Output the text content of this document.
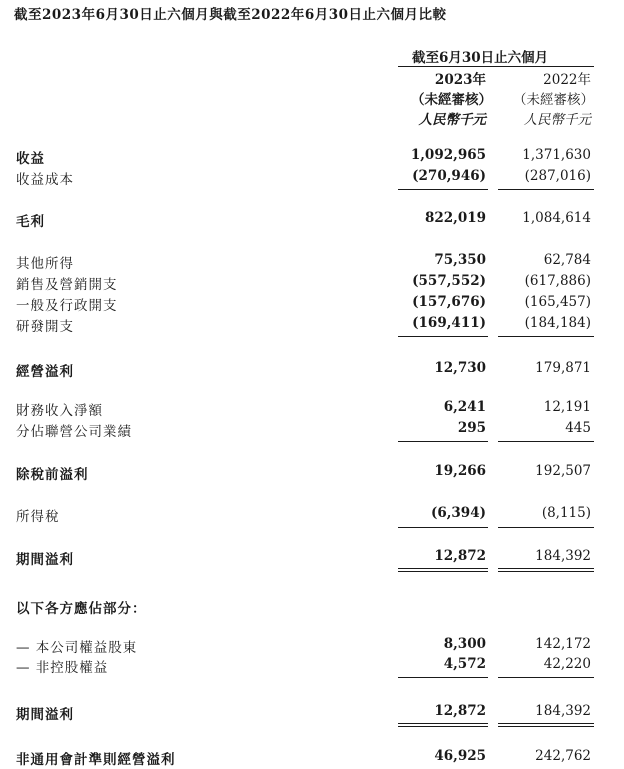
截至2023年6月30日止六個月與截至2022年6月30日止六個月比較
截至6月30日止六個月
2023年	2022年
（未經審核） （未經審核）
人民幣千元	人民幣千元
收益	1,092,965	1,371,630
收益成本	(270,946)	(287,016)
毛利	822,019	1,084,614
其他所得	75,350	62,784
銷售及營銷開支	(557,552)	(617,886)
一般及行政開支	(157,676)	(165,457)
研發開支	(169,411)	(184,184)
經營溢利	12,730	179,871
財務收入淨額	6,241	12,191
分佔聯營公司業績	295	445
除稅前溢利	19,266	192,507
所得稅	(6,394)	(8,115)
期間溢利	12,872	184,392
以下各方應佔部分：
— 本公司權益股東	8,300	142,172
— 非控股權益	4,572	42,220
期間溢利	12,872	184,392
非通用會計準則經營溢利	46,925	242,762
